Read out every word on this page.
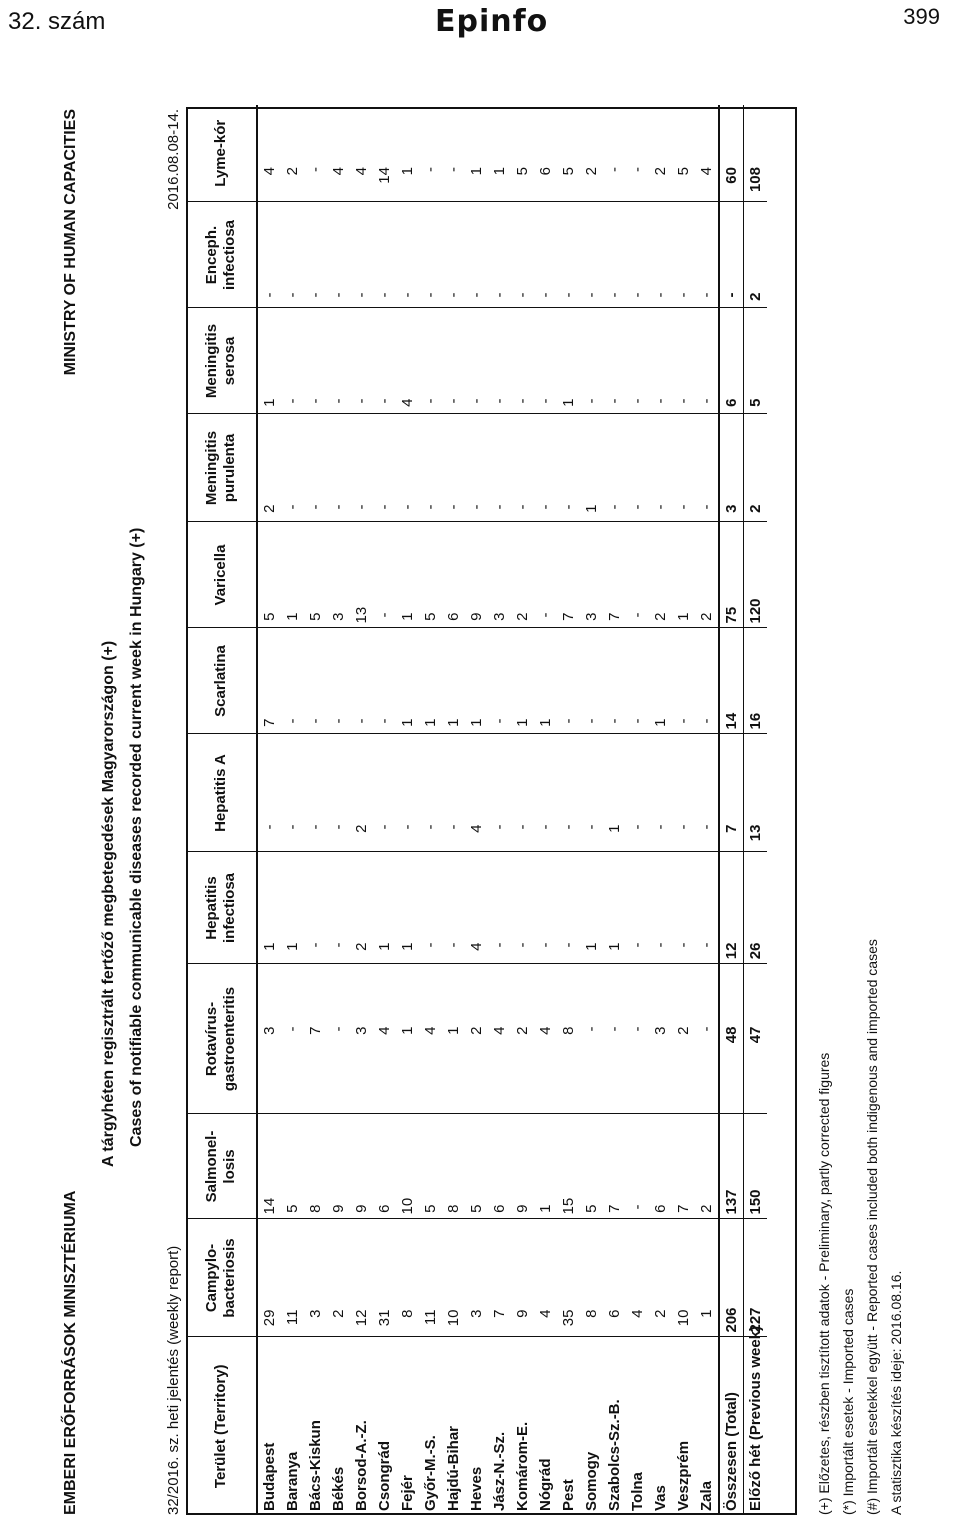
32. szám	Epinfo	399
EMBERI ERŐFORRÁSOK MINISZTÉRIUMA
MINISTRY OF HUMAN CAPACITIES
A tárgyhéten regisztrált fertőző megbetegedések Magyarországon (+) Cases of notifiable communicable diseases recorded current week in Hungary (+)
32/2016. sz. heti jelentés (weekly report)
2016.08.08-14.
Terület (Territory)	Campylo-bacteriosis	Salmonel-losis	Rotavírus-gastroenteritis	Hepatitis infectiosa	Hepatitis A	Scarlatina	Varicella	Meningitis purulenta	Meningitis serosa	Enceph. infectiosa	Lyme-kór
Budapest	29	14	3	1	-	7	5	2	1	-	4
Baranya	11	5	-	1	-	-	1	-	-	-	2
Bács-Kiskun	3	8	7	-	-	-	5	-	-	-	-
Békés	2	9	-	-	-	-	3	-	-	-	4
Borsod-A.-Z.	12	9	3	2	2	-	13	-	-	-	4
Csongrád	31	6	4	1	-	-	-	-	-	-	14
Fejér	8	10	1	1	-	1	1	-	4	-	1
Győr-M.-S.	11	5	4	-	-	1	5	-	-	-	-
Hajdú-Bihar	10	8	1	-	-	1	6	-	-	-	-
Heves	3	5	2	4	4	1	9	-	-	-	1
Jász-N.-Sz.	7	6	4	-	-	-	3	-	-	-	1
Komárom-E.	9	9	2	-	-	1	2	-	-	-	5
Nógrád	4	1	4	-	-	1	-	-	-	-	6
Pest	35	15	8	-	-	-	7	-	1	-	5
Somogy	8	5	-	1	-	-	3	1	-	-	2
Szabolcs-Sz.-B.	6	7	-	1	1	-	7	-	-	-	-
Tolna	4	-	-	-	-	-	-	-	-	-	-
Vas	2	6	3	-	-	1	2	-	-	-	2
Veszprém	10	7	2	-	-	-	1	-	-	-	5
Zala	1	2	-	-	-	-	2	-	-	-	4
Összesen (Total)	206	137	48	12	7	14	75	3	6	-	60
Előző hét (Previous week)	227	150	47	26	13	16	120	2	5	2	108
(+) Előzetes, részben tisztított adatok - Preliminary, partly corrected figures (*) Importált esetek - Imported cases (#) Importált esetekkel együtt - Reported cases included both indigenous and imported cases A statisztika készítés ideje: 2016.08.16.
